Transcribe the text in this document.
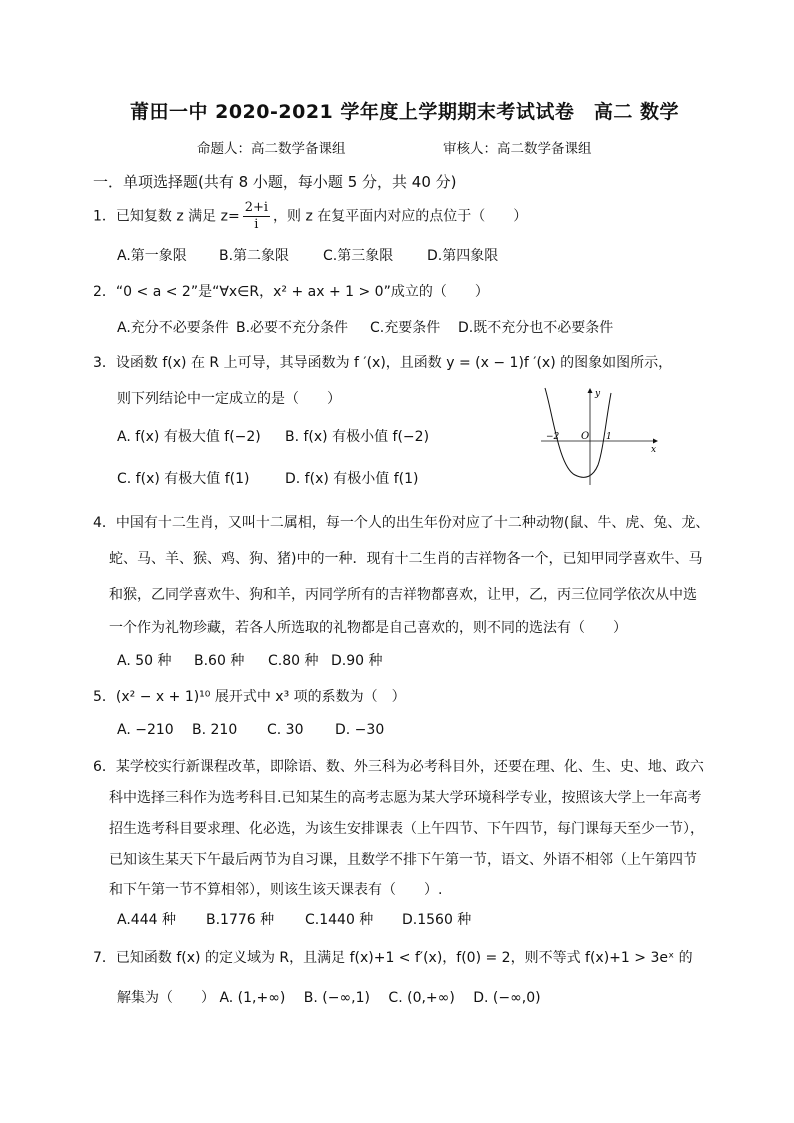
莆田一中 2020-2021 学年度上学期期末考试试卷　高二 数学
命题人：高二数学备课组	审核人：高二数学备课组
一．单项选择题(共有 8 小题，每小题 5 分，共 40 分)
1．已知复数 z 满足 $z= \frac{2+i}{i}$ ，则 z 在复平面内对应的点位于（　　）
A.第一象限 B.第二象限 C.第三象限 D.第四象限
2．“0 < a < 2”是“∀x∈R，x² + ax + 1 > 0”成立的（　　）
A.充分不必要条件 B.必要不充分条件 C.充要条件 D.既不充分也不必要条件
3．设函数 f(x) 在 R 上可导，其导函数为 f ′(x)，且函数 y = (x − 1)f ′(x) 的图象如图所示，
则下列结论中一定成立的是（　　）
A. f(x) 有极大值 f(−2) B. f(x) 有极小值 f(−2)
C. f(x) 有极大值 f(1)	D. f(x) 有极小值 f(1)
y
x
O
−2	1
4．中国有十二生肖，又叫十二属相，每一个人的出生年份对应了十二种动物(鼠、牛、虎、兔、龙、
蛇、马、羊、猴、鸡、狗、猪)中的一种．现有十二生肖的吉祥物各一个，已知甲同学喜欢牛、马
和猴，乙同学喜欢牛、狗和羊，丙同学所有的吉祥物都喜欢，让甲，乙，丙三位同学依次从中选
一个作为礼物珍藏，若各人所选取的礼物都是自己喜欢的，则不同的选法有（　　）
A. 50 种 B.60 种 C.80 种 D.90 种
5．(x² − x + 1)¹⁰ 展开式中 x³ 项的系数为（　）
A. −210 B. 210 C. 30 D. −30
6．某学校实行新课程改革，即除语、数、外三科为必考科目外，还要在理、化、生、史、地、政六
科中选择三科作为选考科目.已知某生的高考志愿为某大学环境科学专业，按照该大学上一年高考
招生选考科目要求理、化必选，为该生安排课表（上午四节、下午四节，每门课每天至少一节），
已知该生某天下午最后两节为自习课，且数学不排下午第一节，语文、外语不相邻（上午第四节
和下午第一节不算相邻），则该生该天课表有（　　）.
A.444 种 B.1776 种 C.1440 种 D.1560 种
7．已知函数 f(x) 的定义域为 R，且满足 f(x)+1 < f′(x)，f(0) = 2，则不等式 f(x)+1 > 3eˣ 的
解集为（　　） A. (1,+∞)　 B. (−∞,1)　 C. (0,+∞)　 D. (−∞,0)
